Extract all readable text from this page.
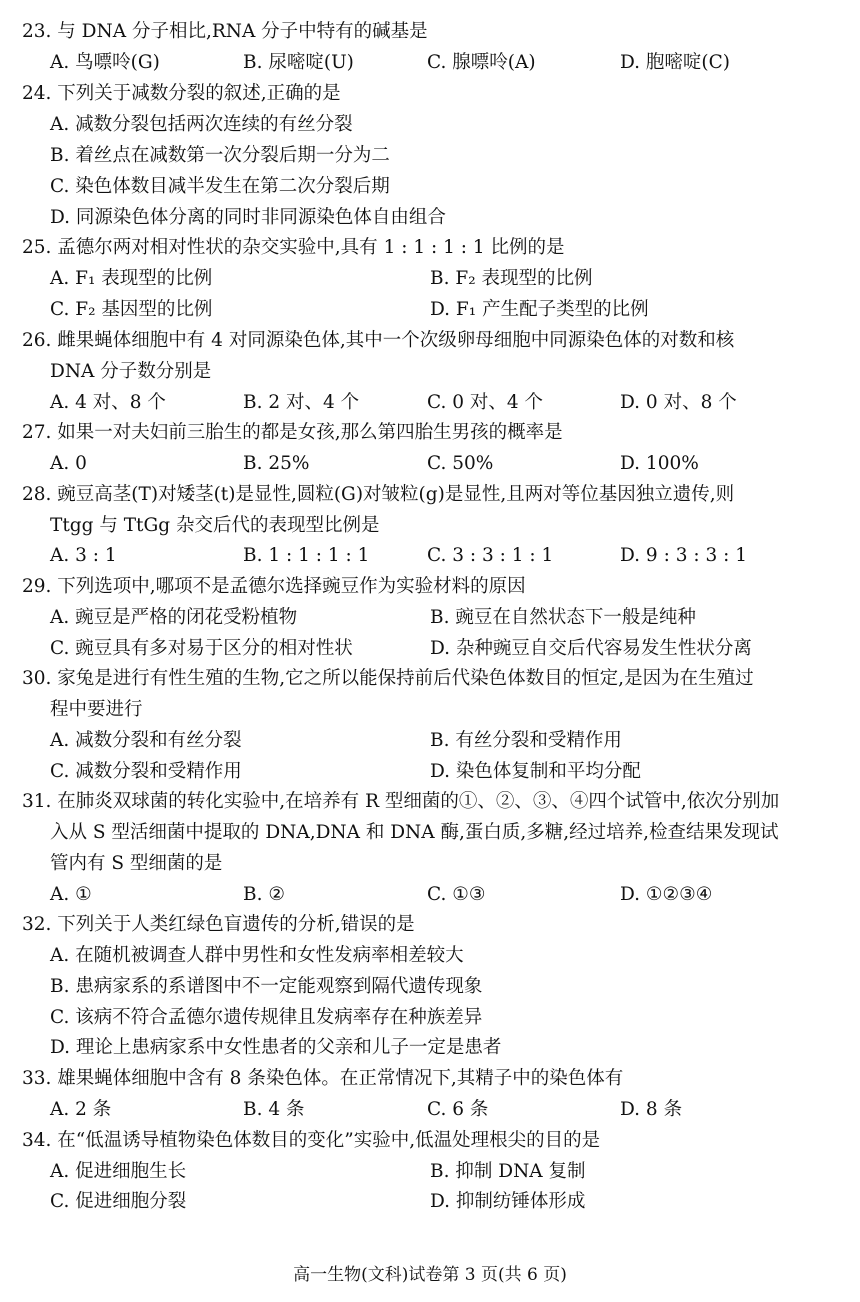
23. 与 DNA 分子相比,RNA 分子中特有的碱基是
A. 鸟嘌呤(G)	B. 尿嘧啶(U)	C. 腺嘌呤(A)	D. 胞嘧啶(C)
24. 下列关于减数分裂的叙述,正确的是
A. 减数分裂包括两次连续的有丝分裂
B. 着丝点在减数第一次分裂后期一分为二
C. 染色体数目减半发生在第二次分裂后期
D. 同源染色体分离的同时非同源染色体自由组合
25. 孟德尔两对相对性状的杂交实验中,具有 1 : 1 : 1 : 1 比例的是
A. F₁ 表现型的比例	B. F₂ 表现型的比例
C. F₂ 基因型的比例	D. F₁ 产生配子类型的比例
26. 雌果蝇体细胞中有 4 对同源染色体,其中一个次级卵母细胞中同源染色体的对数和核
DNA 分子数分别是
A. 4 对、8 个	B. 2 对、4 个	C. 0 对、4 个	D. 0 对、8 个
27. 如果一对夫妇前三胎生的都是女孩,那么第四胎生男孩的概率是
A. 0	B. 25%	C. 50%	D. 100%
28. 豌豆高茎(T)对矮茎(t)是显性,圆粒(G)对皱粒(g)是显性,且两对等位基因独立遗传,则
Ttgg 与 TtGg 杂交后代的表现型比例是
A. 3 : 1	B. 1 : 1 : 1 : 1	C. 3 : 3 : 1 : 1	D. 9 : 3 : 3 : 1
29. 下列选项中,哪项不是孟德尔选择豌豆作为实验材料的原因
A. 豌豆是严格的闭花受粉植物	B. 豌豆在自然状态下一般是纯种
C. 豌豆具有多对易于区分的相对性状	D. 杂种豌豆自交后代容易发生性状分离
30. 家兔是进行有性生殖的生物,它之所以能保持前后代染色体数目的恒定,是因为在生殖过
程中要进行
A. 减数分裂和有丝分裂	B. 有丝分裂和受精作用
C. 减数分裂和受精作用	D. 染色体复制和平均分配
31. 在肺炎双球菌的转化实验中,在培养有 R 型细菌的①、②、③、④四个试管中,依次分别加
入从 S 型活细菌中提取的 DNA,DNA 和 DNA 酶,蛋白质,多糖,经过培养,检查结果发现试
管内有 S 型细菌的是
A. ①	B. ②	C. ①③	D. ①②③④
32. 下列关于人类红绿色盲遗传的分析,错误的是
A. 在随机被调查人群中男性和女性发病率相差较大
B. 患病家系的系谱图中不一定能观察到隔代遗传现象
C. 该病不符合孟德尔遗传规律且发病率存在种族差异
D. 理论上患病家系中女性患者的父亲和儿子一定是患者
33. 雄果蝇体细胞中含有 8 条染色体。在正常情况下,其精子中的染色体有
A. 2 条	B. 4 条	C. 6 条	D. 8 条
34. 在“低温诱导植物染色体数目的变化”实验中,低温处理根尖的目的是
A. 促进细胞生长	B. 抑制 DNA 复制
C. 促进细胞分裂	D. 抑制纺锤体形成
高一生物(文科)试卷第 3 页(共 6 页)
